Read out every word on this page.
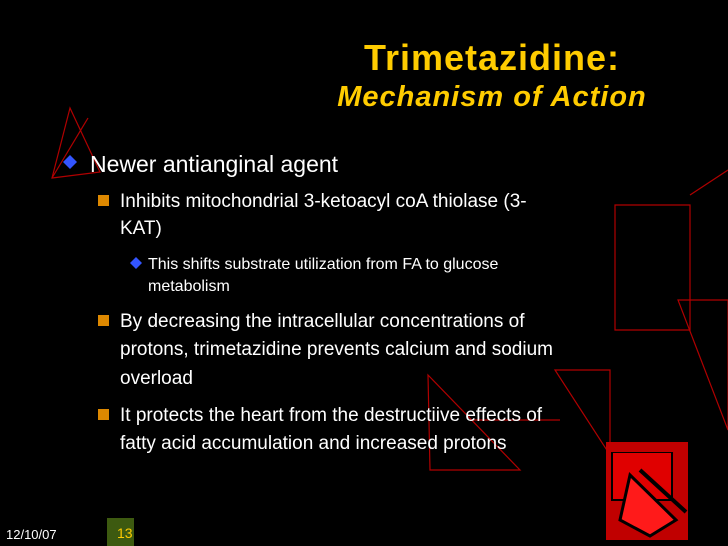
Trimetazidine:
Mechanism of Action
Newer antianginal agent
Inhibits mitochondrial 3-ketoacyl coA thiolase (3-
KAT)
This shifts substrate utilization from FA to glucose
metabolism
By decreasing the intracellular concentrations of
protons, trimetazidine prevents calcium and sodium
overload
It protects the heart from the destructiive effects of
fatty acid accumulation and increased protons
12/10/07	13
